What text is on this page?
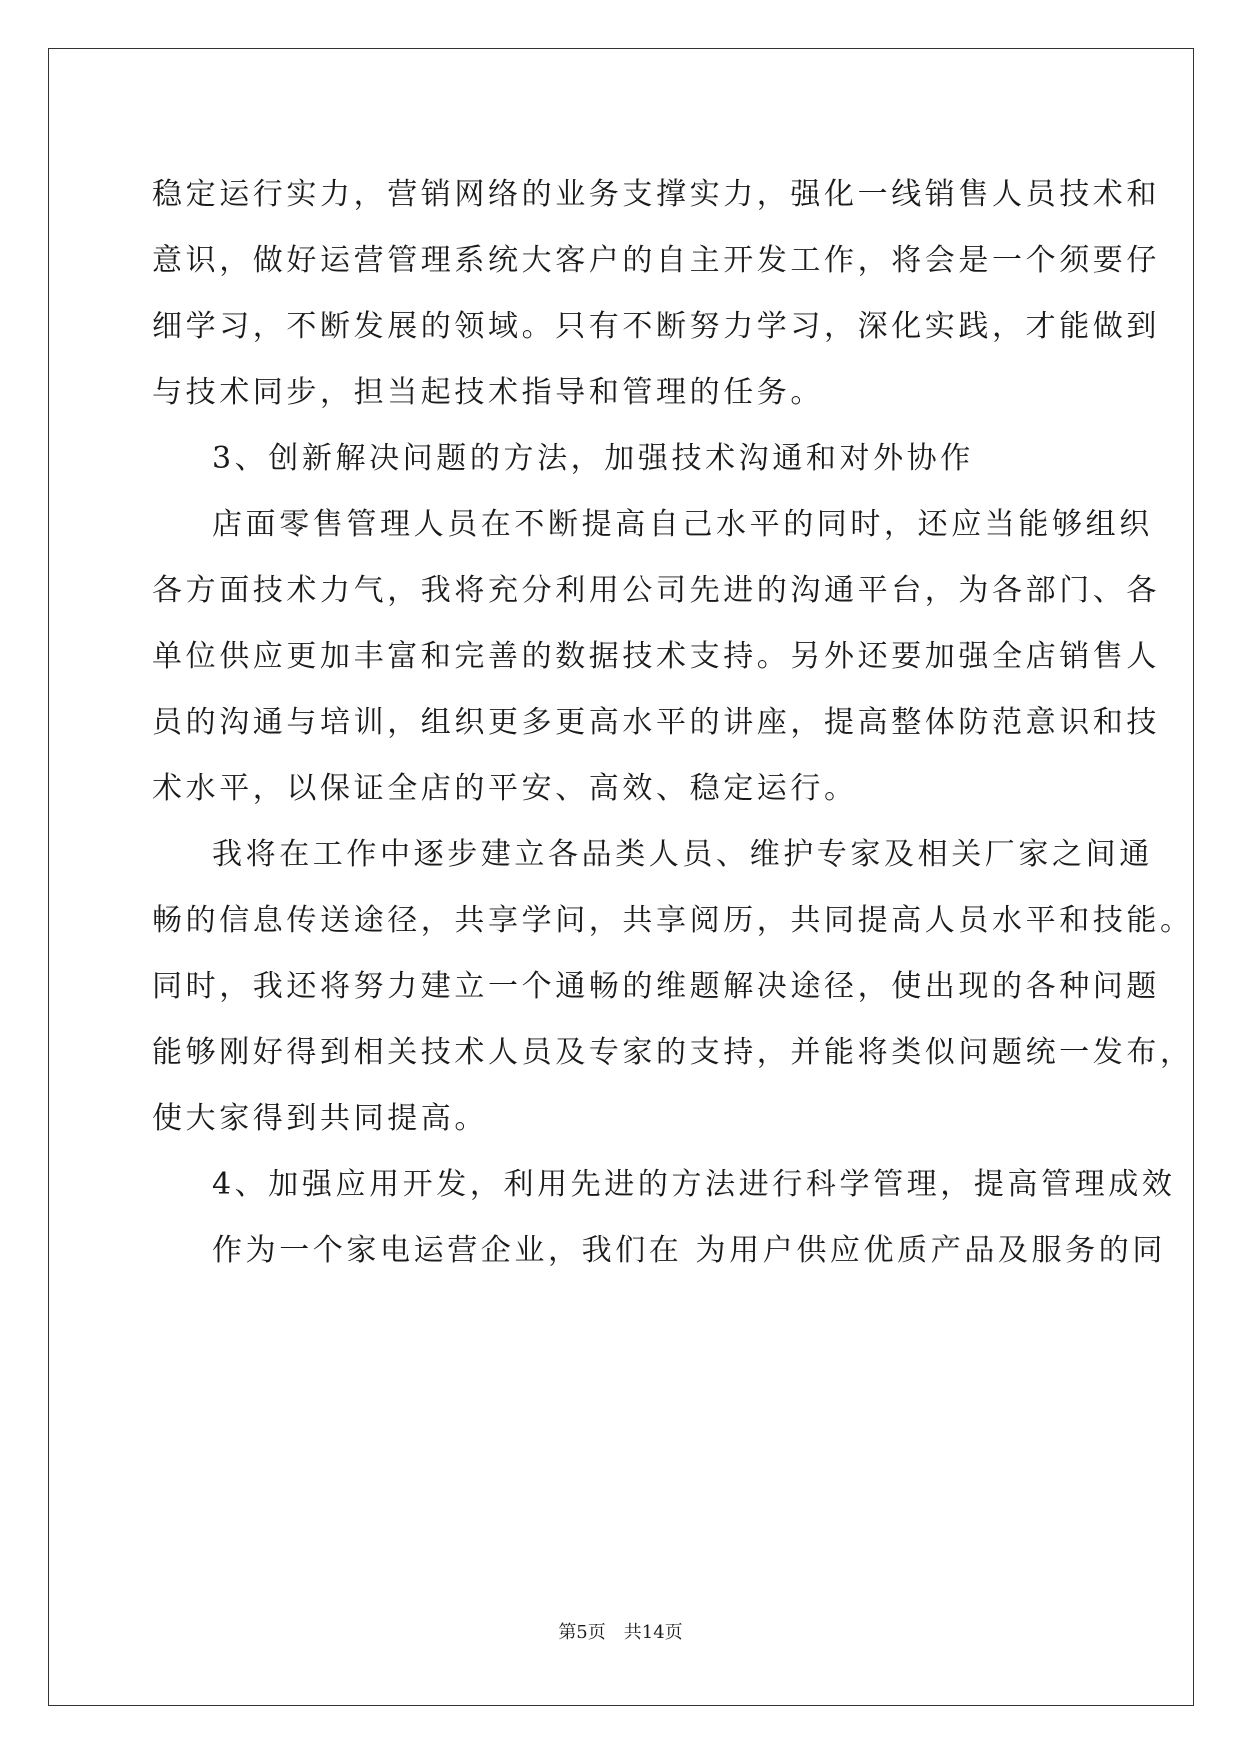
稳定运行实力，营销网络的业务支撑实力，强化一线销售人员技术和
意识，做好运营管理系统大客户的自主开发工作，将会是一个须要仔
细学习，不断发展的领域。只有不断努力学习，深化实践，才能做到
与技术同步，担当起技术指导和管理的任务。
3、创新解决问题的方法，加强技术沟通和对外协作
店面零售管理人员在不断提高自己水平的同时，还应当能够组织
各方面技术力气，我将充分利用公司先进的沟通平台，为各部门、各
单位供应更加丰富和完善的数据技术支持。另外还要加强全店销售人
员的沟通与培训，组织更多更高水平的讲座，提高整体防范意识和技
术水平，以保证全店的平安、高效、稳定运行。
我将在工作中逐步建立各品类人员、维护专家及相关厂家之间通
畅的信息传送途径，共享学问，共享阅历，共同提高人员水平和技能。
同时，我还将努力建立一个通畅的维题解决途径，使出现的各种问题
能够刚好得到相关技术人员及专家的支持，并能将类似问题统一发布，
使大家得到共同提高。
4、加强应用开发，利用先进的方法进行科学管理，提高管理成效
作为一个家电运营企业，我们在 为用户供应优质产品及服务的同
第5页　共14页
